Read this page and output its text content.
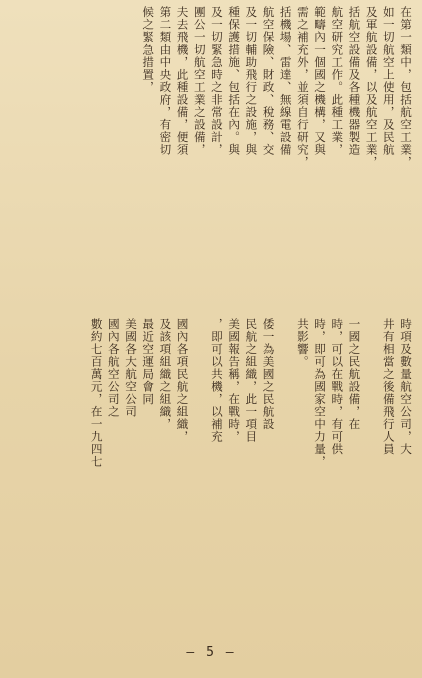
在第一類中，包括航空工業，
如一切航空上使用，及民航
及軍航設備，以及航空工業，
括航空設備及各種機器製造
航空研究工作。此種工業，
範疇內一個國之機構，又與
需之補充外，並須自行研究，
括機場、雷達、無線電設備
航空保險、財政、稅務、交
及一切輔助飛行之設施，與
種保護措施、包括在內。與
及一切緊急時之非常設計，
團公一切航空工業之設備，
夫去飛機，此種設備，便須
第二類由中央政府，有密切
候之緊急措置，
時項及數量航空公司，大
井有相當之後備飛行人員
一國之民航設備，在
時，可以在戰時，有可供
時，即可為國家空中力量，
共影響。
倭一為美國之民航設
民航之組織，此一項目
美國報告稱，在戰時，
，即可以共機，以補充
國內各項民航之組織，
及該項組織之組織，
最近空運局會同
美國各大航空公司
國內各航空公司之
數約七百萬元，在一九四七
— 5 —
